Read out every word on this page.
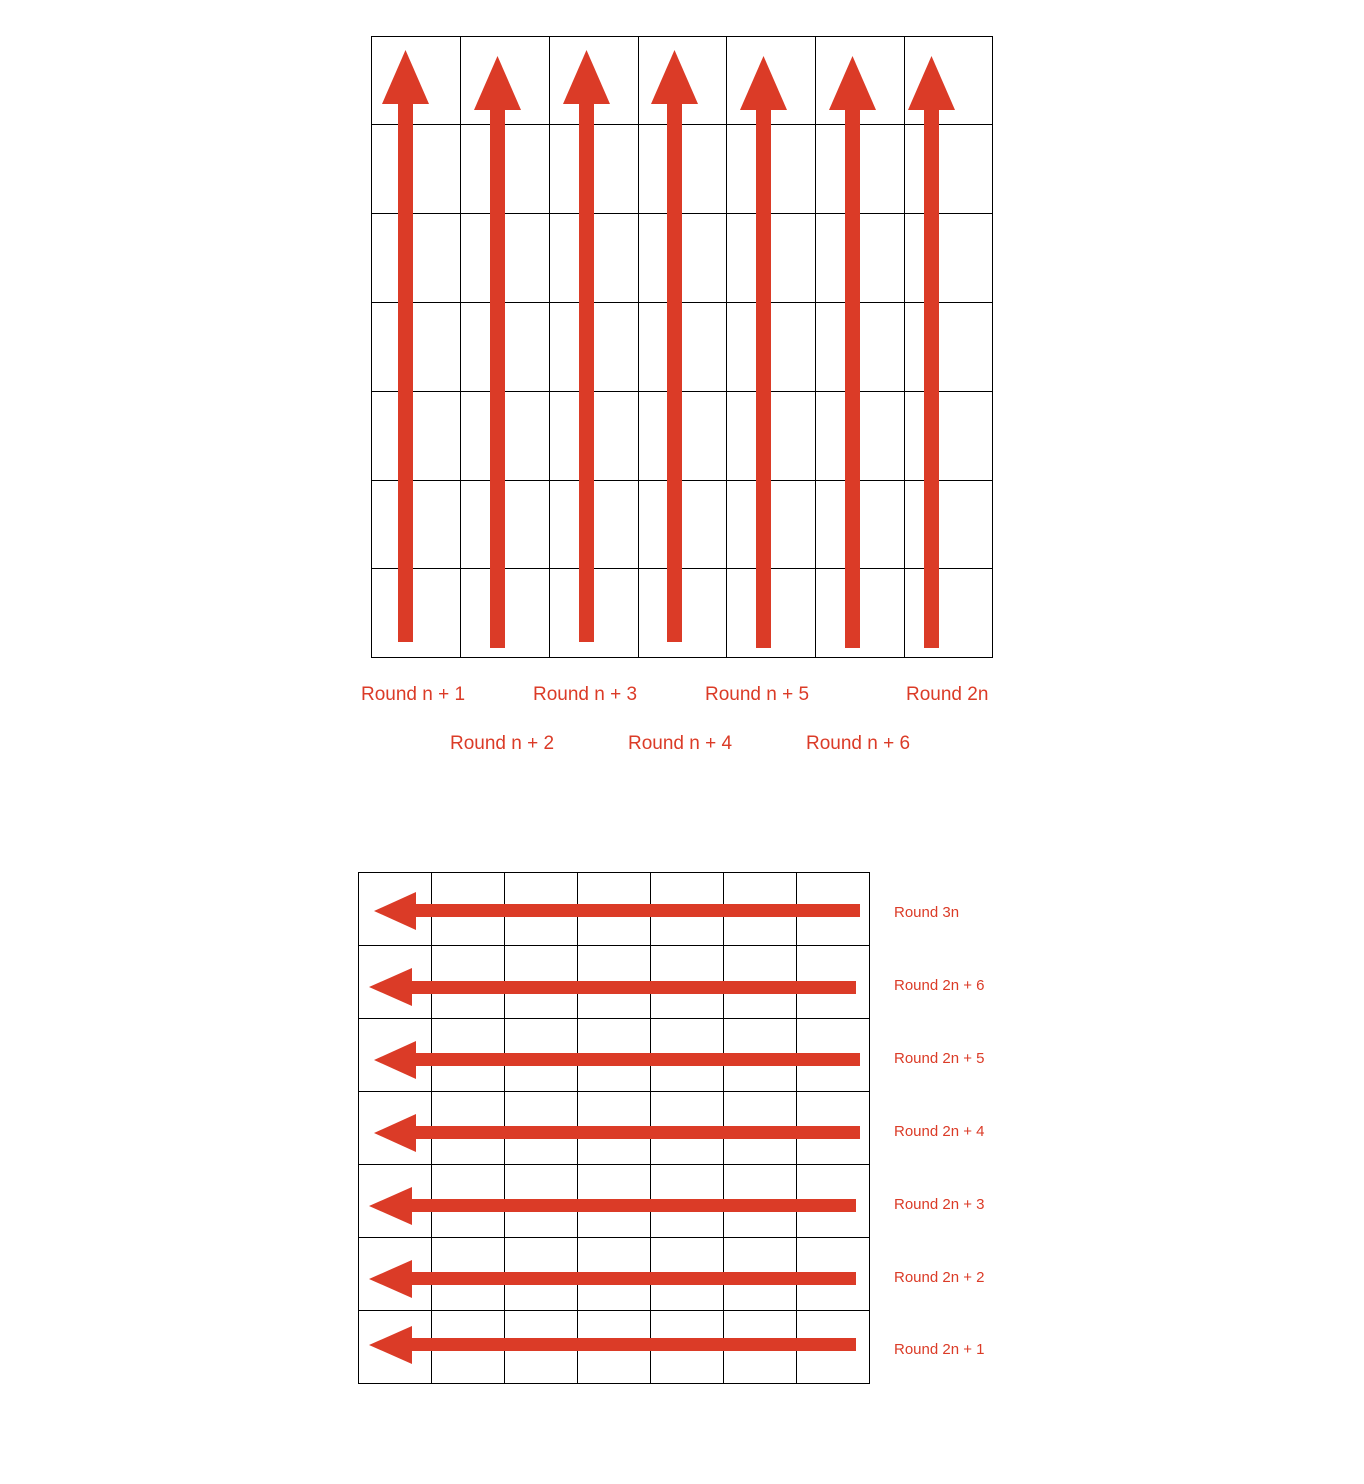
Round n + 1
Round n + 2
Round n + 3
Round n + 4
Round n + 5
Round n + 6
Round 2n
Round 3n
Round 2n + 6
Round 2n + 5
Round 2n + 4
Round 2n + 3
Round 2n + 2
Round 2n + 1
